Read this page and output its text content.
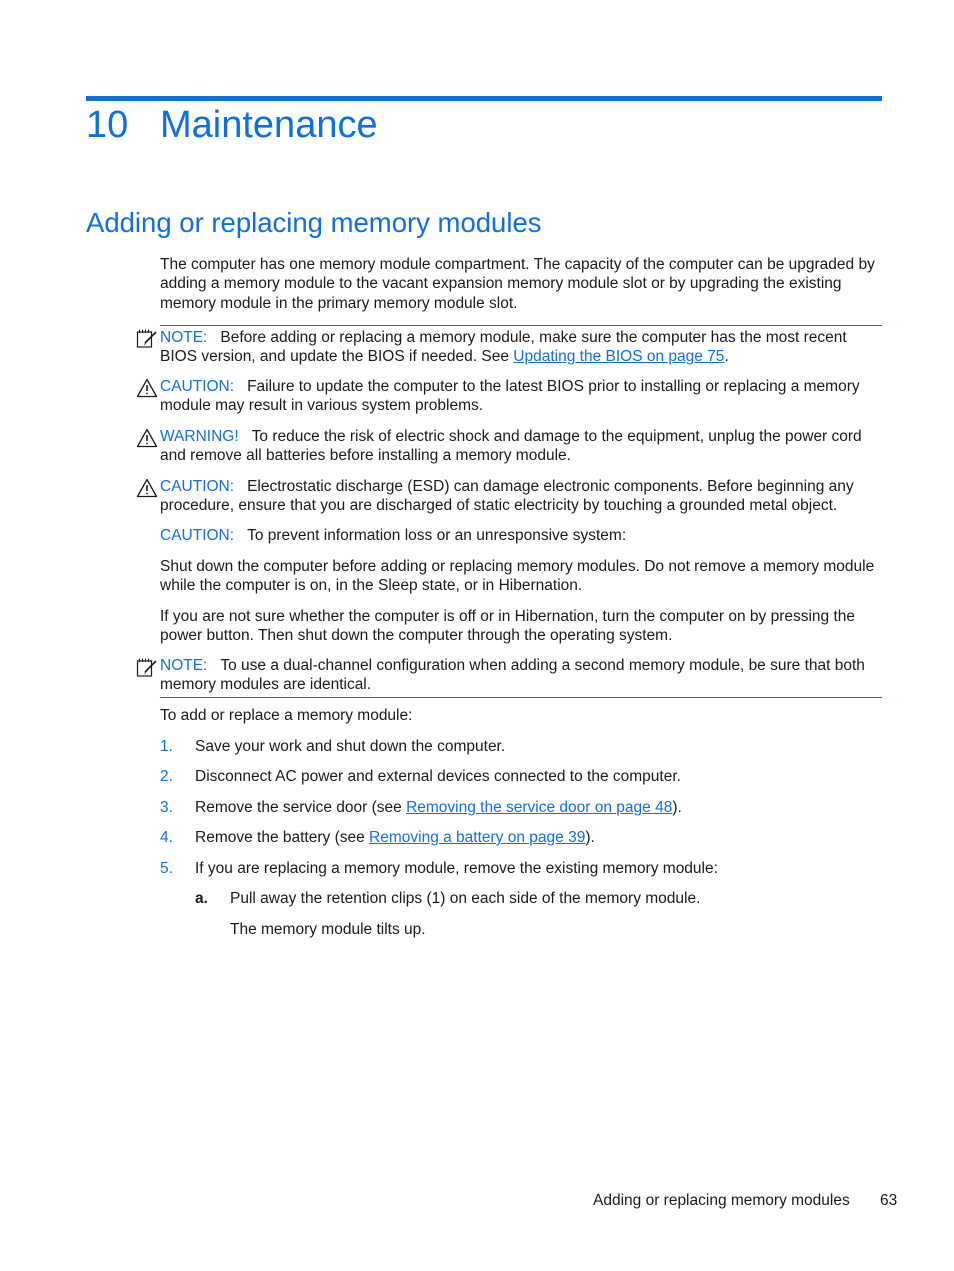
10 Maintenance
Adding or replacing memory modules

The computer has one memory module compartment. The capacity of the computer can be upgraded by adding a memory module to the vacant expansion memory module slot or by upgrading the existing memory module in the primary memory module slot.

NOTE: Before adding or replacing a memory module, make sure the computer has the most recent BIOS version, and update the BIOS if needed. See Updating the BIOS on page 75.

CAUTION: Failure to update the computer to the latest BIOS prior to installing or replacing a memory module may result in various system problems.

WARNING! To reduce the risk of electric shock and damage to the equipment, unplug the power cord and remove all batteries before installing a memory module.

CAUTION: Electrostatic discharge (ESD) can damage electronic components. Before beginning any procedure, ensure that you are discharged of static electricity by touching a grounded metal object.

CAUTION: To prevent information loss or an unresponsive system:

Shut down the computer before adding or replacing memory modules. Do not remove a memory module while the computer is on, in the Sleep state, or in Hibernation.

If you are not sure whether the computer is off or in Hibernation, turn the computer on by pressing the power button. Then shut down the computer through the operating system.

NOTE: To use a dual-channel configuration when adding a second memory module, be sure that both memory modules are identical.

To add or replace a memory module:

1. Save your work and shut down the computer.
2. Disconnect AC power and external devices connected to the computer.
3. Remove the service door (see Removing the service door on page 48).
4. Remove the battery (see Removing a battery on page 39).
5. If you are replacing a memory module, remove the existing memory module:
a. Pull away the retention clips (1) on each side of the memory module.
The memory module tilts up.
Adding or replacing memory modules 63
